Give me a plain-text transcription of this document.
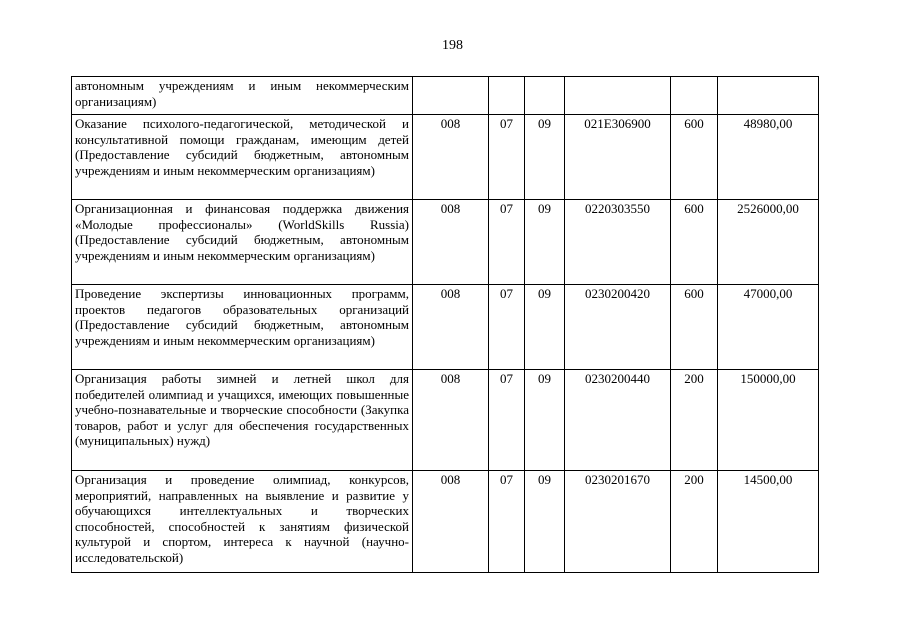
198
автономным учреждениям и иным некоммерческим организациям)						
Оказание психолого-педагогической, методической и консультативной помощи гражданам, имеющим детей (Предоставление субсидий бюджетным, автономным учреждениям и иным некоммерческим организациям)	008	07	09	021E306900	600	48980,00
Организационная и финансовая поддержка движения «Молодые профессионалы» (WorldSkills Russia) (Предоставление субсидий бюджетным, автономным учреждениям и иным некоммерческим организациям)	008	07	09	0220303550	600	2526000,00
Проведение экспертизы инновационных программ, проектов педагогов образовательных организаций (Предоставление субсидий бюджетным, автономным учреждениям и иным некоммерческим организациям)	008	07	09	0230200420	600	47000,00
Организация работы зимней и летней школ для победителей олимпиад и учащихся, имеющих повышенные учебно-познавательные и творческие способности (Закупка товаров, работ и услуг для обеспечения государственных (муниципальных) нужд)	008	07	09	0230200440	200	150000,00
Организация и проведение олимпиад, конкурсов, мероприятий, направленных на выявление и развитие у обучающихся интеллектуальных и творческих способностей, способностей к занятиям физической культурой и спортом, интереса к научной (научно-исследовательской)	008	07	09	0230201670	200	14500,00
